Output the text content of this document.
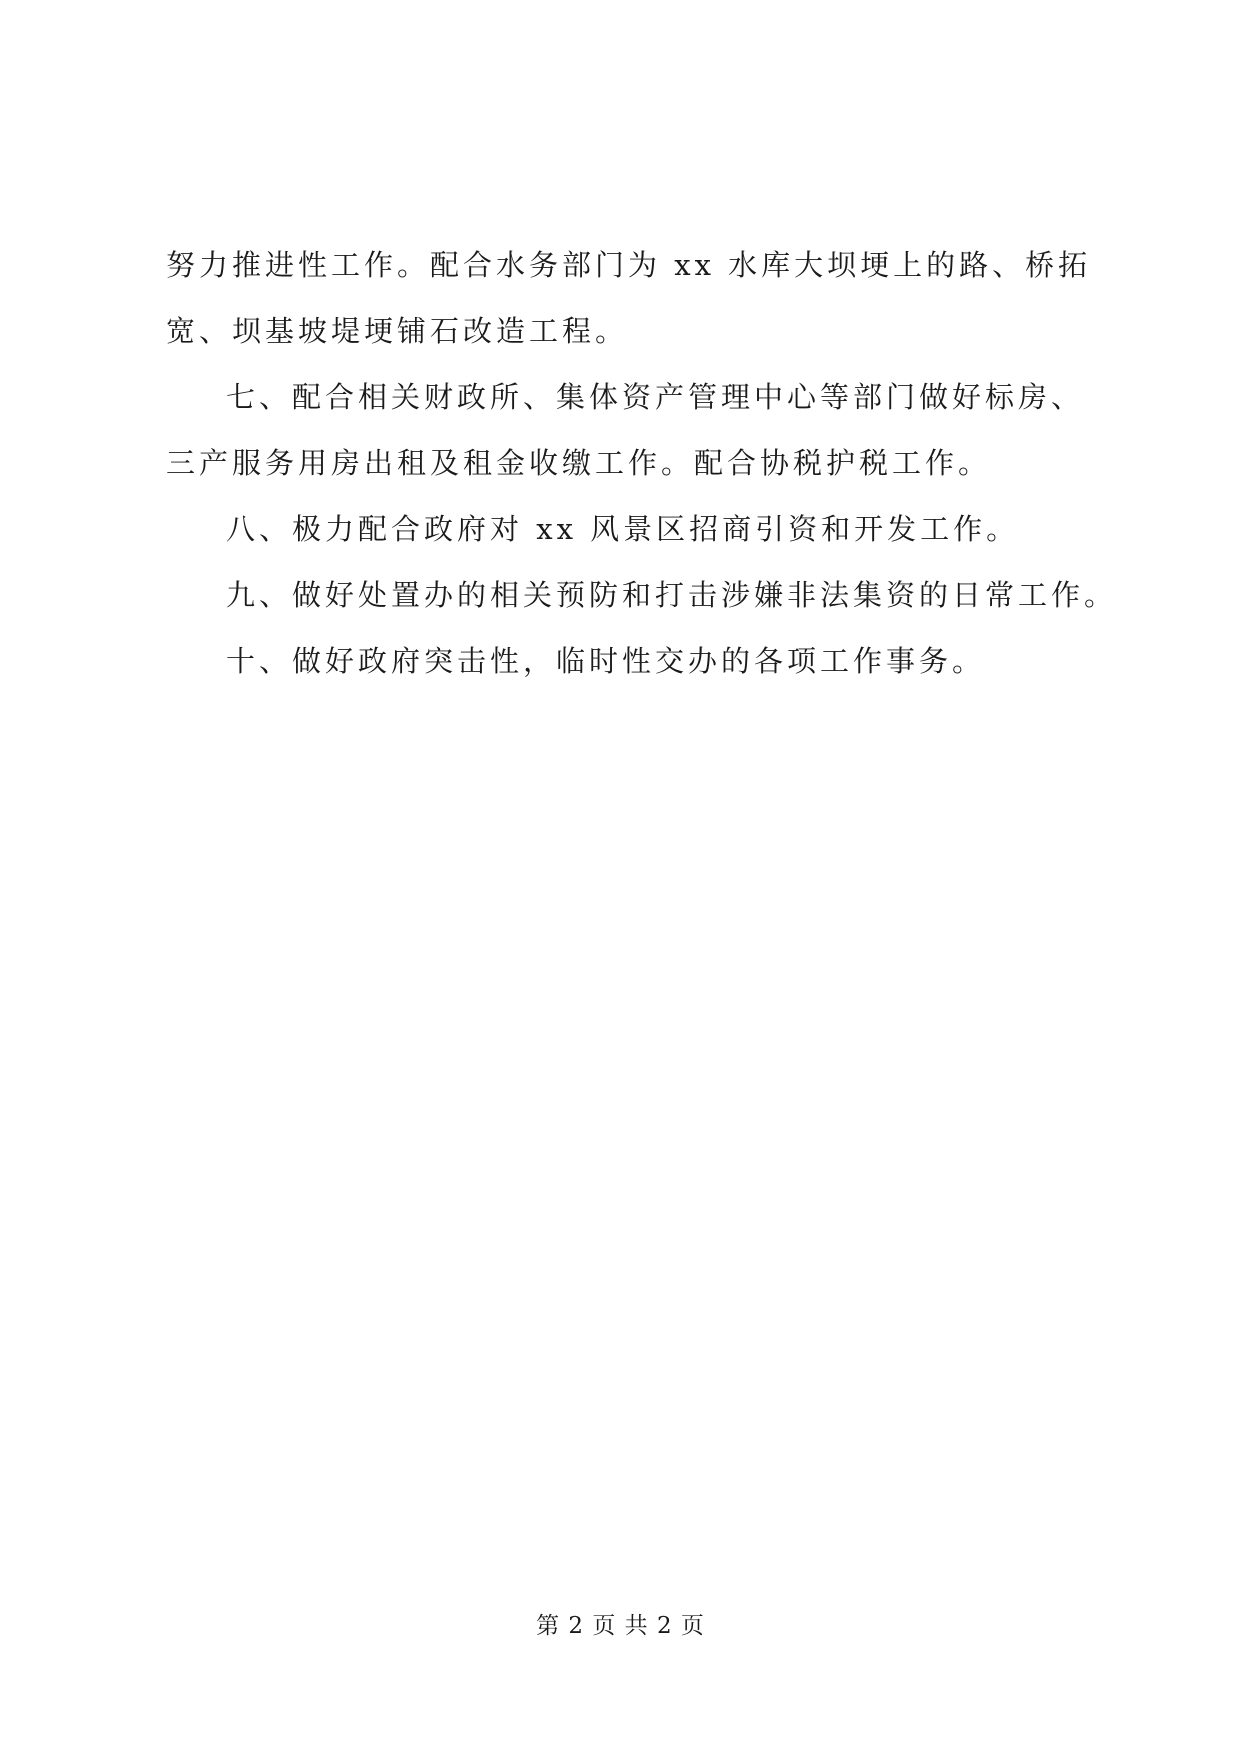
努力推进性工作。配合水务部门为 xx 水库大坝埂上的路、桥拓
宽、坝基坡堤埂铺石改造工程。
七、配合相关财政所、集体资产管理中心等部门做好标房、
三产服务用房出租及租金收缴工作。配合协税护税工作。
八、极力配合政府对 xx 风景区招商引资和开发工作。
九、做好处置办的相关预防和打击涉嫌非法集资的日常工作。
十、做好政府突击性，临时性交办的各项工作事务。
第 2 页 共 2 页
